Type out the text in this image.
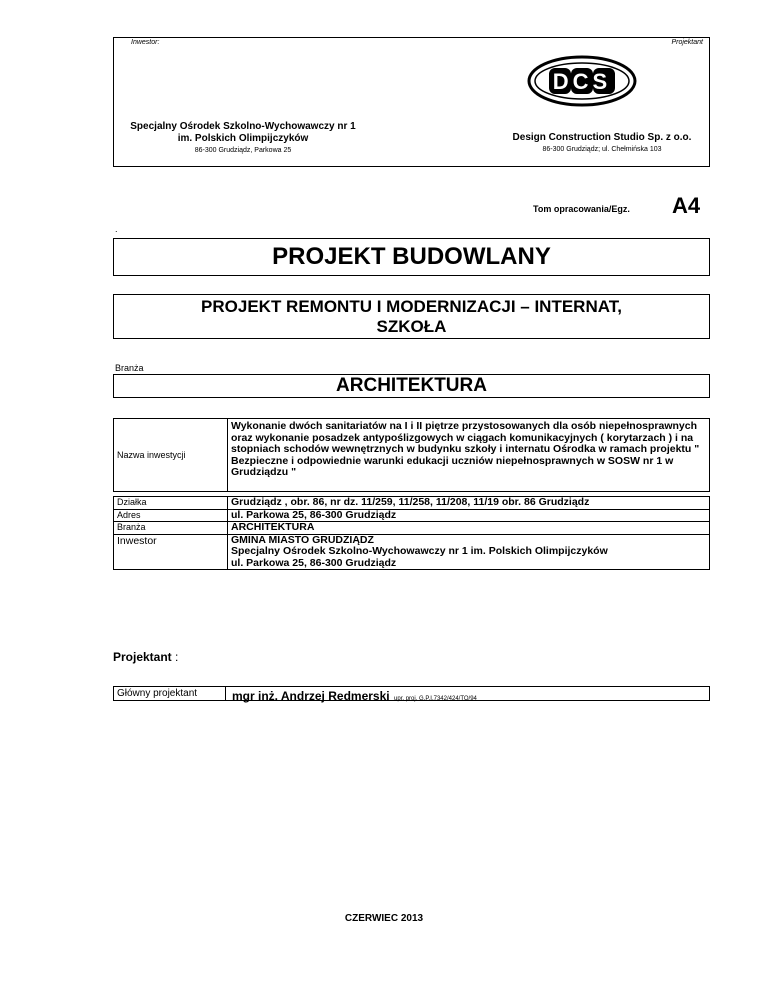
Inwestor:	Projektant
Specjalny Ośrodek Szkolno-Wychowawczy nr 1
im. Polskich Olimpijczyków
86-300 Grudziądz, Parkowa 25
Design Construction Studio Sp. z o.o.
86-300 Grudziądz; ul. Chełmińska 103
DCS
Tom opracowania/Egz. A4
.
PROJEKT BUDOWLANY
PROJEKT REMONTU I MODERNIZACJI – INTERNAT,
SZKOŁA
Branża
ARCHITEKTURA
Nazwa inwestycji	Wykonanie dwóch sanitariatów na I i II piętrze przystosowanych dla osób niepełnosprawnych oraz wykonanie posadzek antypoślizgowych w ciągach komunikacyjnych ( korytarzach ) i na stopniach schodów wewnętrznych w budynku szkoły i internatu Ośrodka w ramach projektu " Bezpieczne i odpowiednie warunki edukacji uczniów niepełnosprawnych w SOSW nr 1 w Grudziądzu "

Działka	Grudziądz , obr. 86, nr dz. 11/259, 11/258, 11/208, 11/19 obr. 86 Grudziądz
Adres	ul. Parkowa 25, 86-300 Grudziądz
Branża	ARCHITEKTURA
Inwestor	GMINA MIASTO GRUDZIĄDZ
Specjalny Ośrodek Szkolno-Wychowawczy nr 1 im. Polskich Olimpijczyków
ul. Parkowa 25, 86-300 Grudziądz
Projektant :
Główny projektant	mgr inż. Andrzej Redmerski upr. proj. G.P.I.7342/424/TO/94
CZERWIEC 2013
